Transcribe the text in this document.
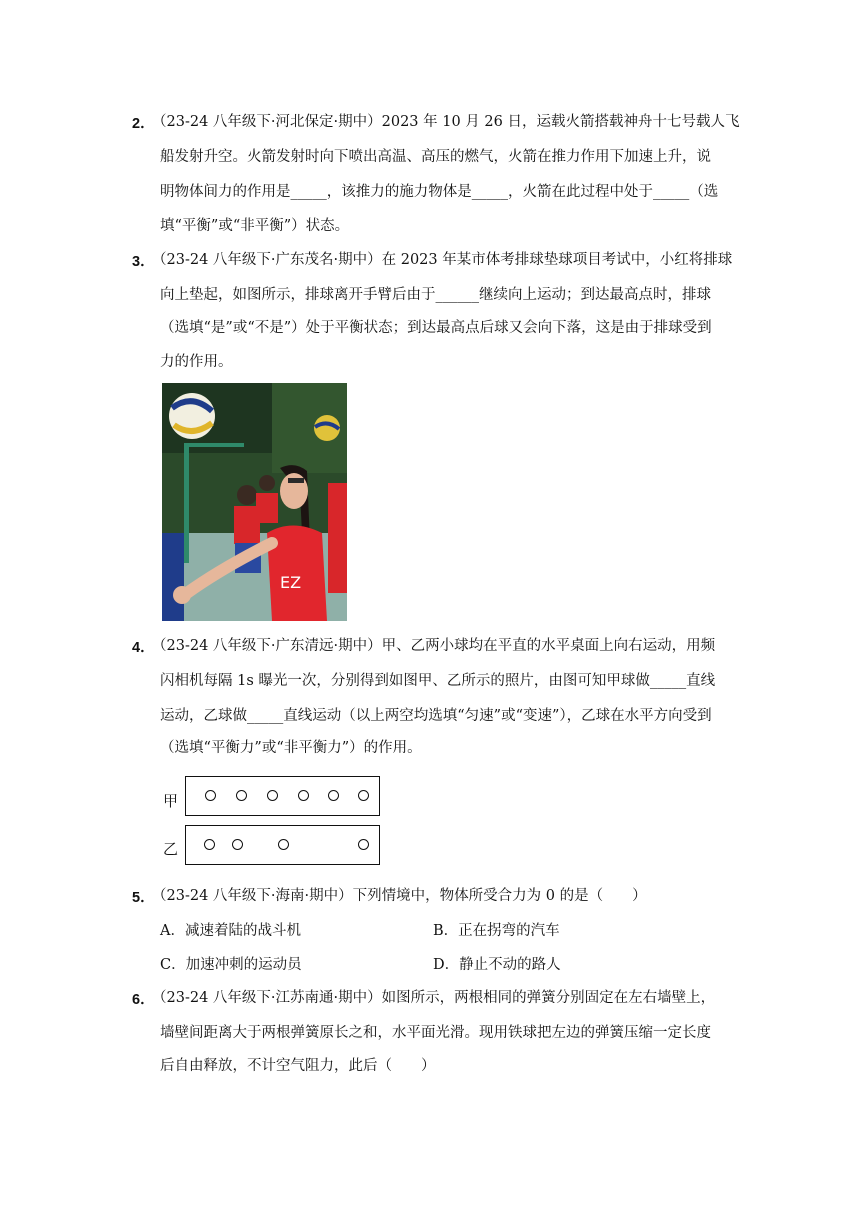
2．
（23-24 八年级下·河北保定·期中）2023 年 10 月 26 日，运载火箭搭载神舟十七号载人飞
船发射升空。火箭发射时向下喷出高温、高压的燃气，火箭在推力作用下加速上升，说
明物体间力的作用是_____，该推力的施力物体是_____，火箭在此过程中处于_____（选
填“平衡”或“非平衡”）状态。
3．
（23-24 八年级下·广东茂名·期中）在 2023 年某市体考排球垫球项目考试中，小红将排球
向上垫起，如图所示，排球离开手臂后由于______继续向上运动；到达最高点时，排球
（选填“是”或“不是”）处于平衡状态；到达最高点后球又会向下落，这是由于排球受到
力的作用。
EZ
4．
（23-24 八年级下·广东清远·期中）甲、乙两小球均在平直的水平桌面上向右运动，用频
闪相机每隔 1s 曝光一次，分别得到如图甲、乙所示的照片，由图可知甲球做_____直线
运动，乙球做_____直线运动（以上两空均选填“匀速”或“变速”），乙球在水平方向受到
（选填“平衡力”或“非平衡力”）的作用。
甲
乙
5．
（23-24 八年级下·海南·期中）下列情境中，物体所受合力为 0 的是（　　）
A．减速着陆的战斗机	B．正在拐弯的汽车
C．加速冲刺的运动员	D．静止不动的路人
6．
（23-24 八年级下·江苏南通·期中）如图所示，两根相同的弹簧分别固定在左右墙壁上，
墙壁间距离大于两根弹簧原长之和，水平面光滑。现用铁球把左边的弹簧压缩一定长度
后自由释放，不计空气阻力，此后（　　）
